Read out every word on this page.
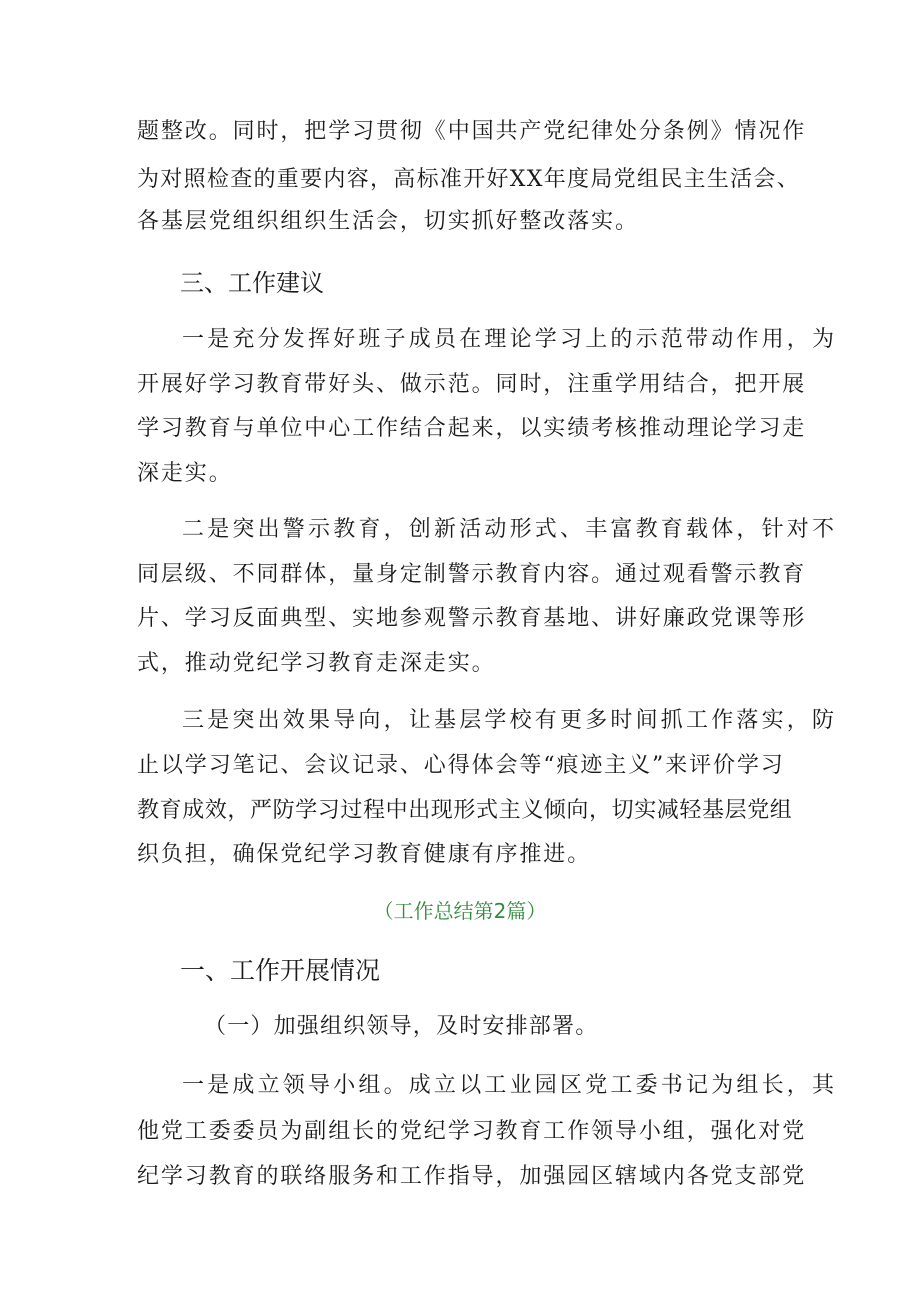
题整改。同时，把学习贯彻《中国共产党纪律处分条例》情况作
为对照检查的重要内容，高标准开好XX年度局党组民主生活会、
各基层党组织组织生活会，切实抓好整改落实。
三、工作建议
一是充分发挥好班子成员在理论学习上的示范带动作用，为
开展好学习教育带好头、做示范。同时，注重学用结合，把开展
学习教育与单位中心工作结合起来，以实绩考核推动理论学习走
深走实。
二是突出警示教育，创新活动形式、丰富教育载体，针对不
同层级、不同群体，量身定制警示教育内容。通过观看警示教育
片、学习反面典型、实地参观警示教育基地、讲好廉政党课等形
式，推动党纪学习教育走深走实。
三是突出效果导向，让基层学校有更多时间抓工作落实，防
止以学习笔记、会议记录、心得体会等“痕迹主义”来评价学习
教育成效，严防学习过程中出现形式主义倾向，切实减轻基层党组
织负担，确保党纪学习教育健康有序推进。
（工作总结第2篇）
一、工作开展情况
（一）加强组织领导，及时安排部署。
一是成立领导小组。成立以工业园区党工委书记为组长，其
他党工委委员为副组长的党纪学习教育工作领导小组，强化对党
纪学习教育的联络服务和工作指导，加强园区辖域内各党支部党
